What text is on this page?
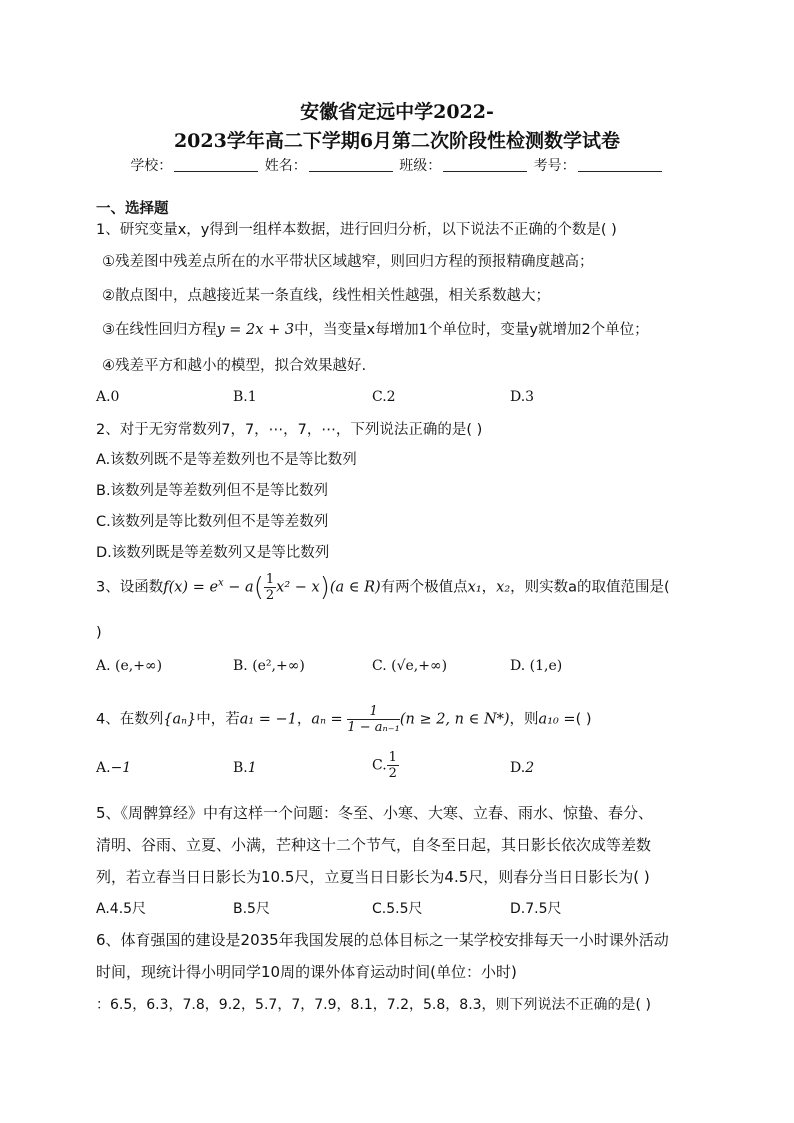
安徽省定远中学2022-
2023学年高二下学期6月第二次阶段性检测数学试卷
学校：	姓名：	班级：	考号：
一、选择题
1、研究变量x，y得到一组样本数据，进行回归分析，以下说法不正确的个数是( )
①残差图中残差点所在的水平带状区域越窄，则回归方程的预报精确度越高；
②散点图中，点越接近某一条直线，线性相关性越强，相关系数越大；
③在线性回归方程y = 2x + 3中，当变量x每增加1个单位时，变量y就增加2个单位；
④残差平方和越小的模型，拟合效果越好.
A.0	B.1	C.2	D.3
2、对于无穷常数列7，7，⋯，7，⋯，下列说法正确的是( )
A.该数列既不是等差数列也不是等比数列
B.该数列是等差数列但不是等比数列
C.该数列是等比数列但不是等差数列
D.该数列既是等差数列又是等比数列
3、设函数$f(x) = e^x - a( \frac{1}{2} x^2 - x)(a$ ∈ R)有两个极值点x₁，x₂，则实数a的取值范围是(
)
A. (e,+∞)	B. (e²,+∞)	C. (√e,+∞)	D. (1,e)
4、在数列{aₙ}中，若a₁ = −1，$a_n = \frac{1}{\text{1 − aₙ₋₁}} (n \ge 2$, n ∈ N*)，则a₁₀ =( )
A.−1	B.1	C. $\frac{1}{2}$	D.2
5、《周髀算经》中有这样一个问题：冬至、小寒、大寒、立春、雨水、惊蛰、春分、
清明、谷雨、立夏、小满，芒种这十二个节气，自冬至日起，其日影长依次成等差数
列，若立春当日日影长为10.5尺，立夏当日日影长为4.5尺，则春分当日日影长为( )
A.4.5尺	B.5尺	C.5.5尺	D.7.5尺
6、体育强国的建设是2035年我国发展的总体目标之一某学校安排每天一小时课外活动
时间，现统计得小明同学10周的课外体育运动时间(单位：小时)
：6.5，6.3，7.8，9.2，5.7，7，7.9，8.1，7.2，5.8，8.3，则下列说法不正确的是( )
